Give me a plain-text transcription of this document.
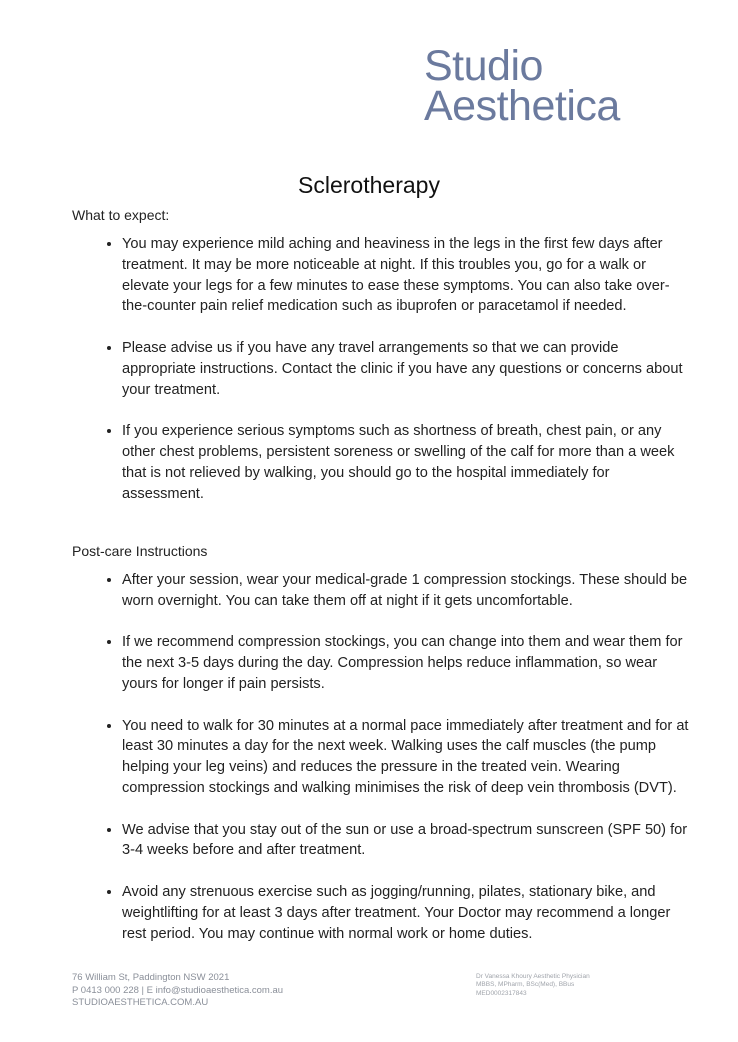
Studio
Aesthetica
Sclerotherapy
What to expect:
• You may experience mild aching and heaviness in the legs in the first few days after treatment. It may be more noticeable at night. If this troubles you, go for a walk or elevate your legs for a few minutes to ease these symptoms. You can also take over-the-counter pain relief medication such as ibuprofen or paracetamol if needed.
• Please advise us if you have any travel arrangements so that we can provide appropriate instructions. Contact the clinic if you have any questions or concerns about your treatment.
• If you experience serious symptoms such as shortness of breath, chest pain, or any other chest problems, persistent soreness or swelling of the calf for more than a week that is not relieved by walking, you should go to the hospital immediately for assessment.
Post-care Instructions
• After your session, wear your medical-grade 1 compression stockings. These should be worn overnight. You can take them off at night if it gets uncomfortable.
• If we recommend compression stockings, you can change into them and wear them for the next 3-5 days during the day. Compression helps reduce inflammation, so wear yours for longer if pain persists.
• You need to walk for 30 minutes at a normal pace immediately after treatment and for at least 30 minutes a day for the next week. Walking uses the calf muscles (the pump helping your leg veins) and reduces the pressure in the treated vein. Wearing compression stockings and walking minimises the risk of deep vein thrombosis (DVT).
• We advise that you stay out of the sun or use a broad-spectrum sunscreen (SPF 50) for 3-4 weeks before and after treatment.
• Avoid any strenuous exercise such as jogging/running, pilates, stationary bike, and weightlifting for at least 3 days after treatment. Your Doctor may recommend a longer rest period. You may continue with normal work or home duties.
76 William St, Paddington NSW 2021
P 0413 000 228 | E info@studioaesthetica.com.au
STUDIOAESTHETICA.COM.AU
Dr Vanessa Khoury Aesthetic Physician
MBBS, MPharm, BSc(Med), BBus
MED0002317843
